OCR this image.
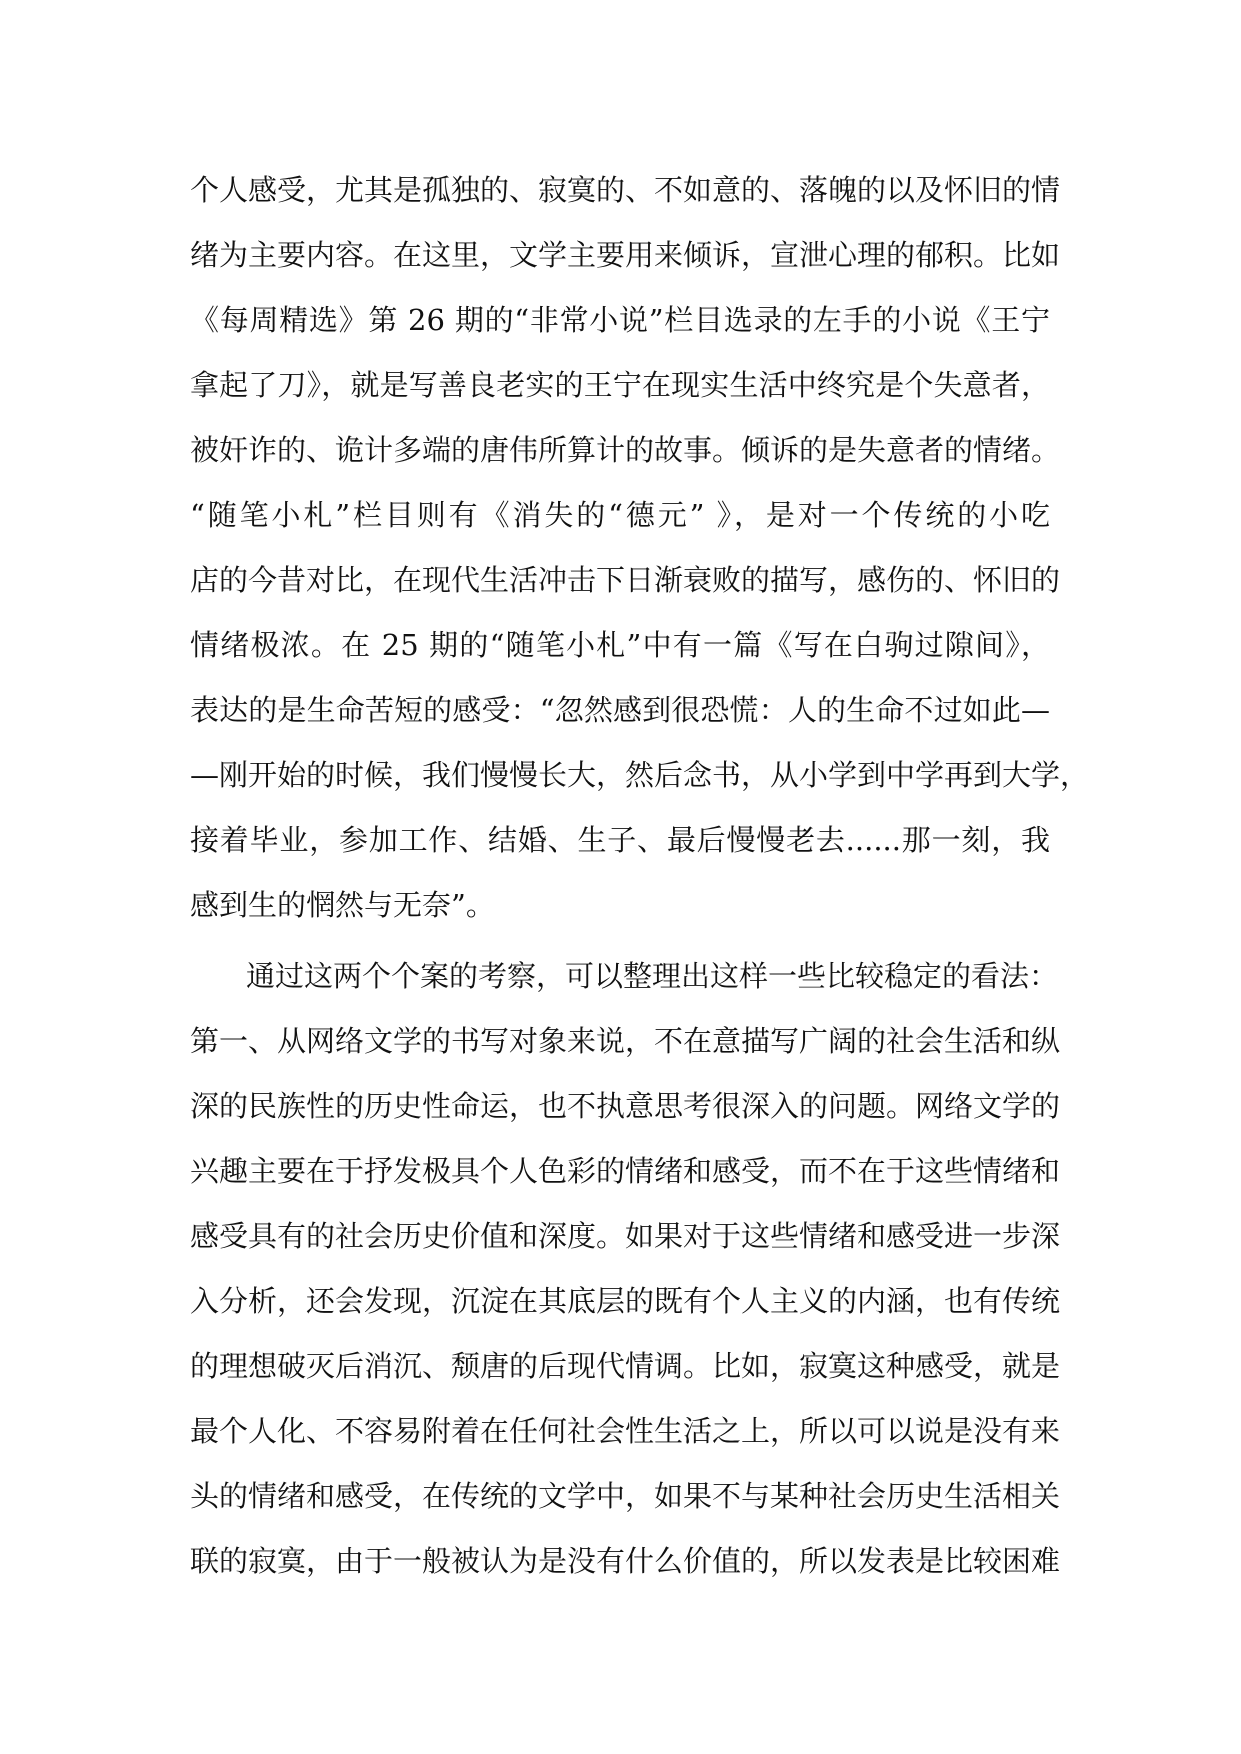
个人感受，尤其是孤独的、寂寞的、不如意的、落魄的以及怀旧的情
绪为主要内容。在这里，文学主要用来倾诉，宣泄心理的郁积。比如
《每周精选》第 26 期的“非常小说”栏目选录的左手的小说《王宁
拿起了刀》，就是写善良老实的王宁在现实生活中终究是个失意者，
被奸诈的、诡计多端的唐伟所算计的故事。倾诉的是失意者的情绪。
“随笔小札”栏目则有《消失的“德元” 》，是对一个传统的小吃
店的今昔对比，在现代生活冲击下日渐衰败的描写，感伤的、怀旧的
情绪极浓。在 25 期的“随笔小札”中有一篇《写在白驹过隙间》，
表达的是生命苦短的感受：“忽然感到很恐慌：人的生命不过如此—
—刚开始的时候，我们慢慢长大，然后念书，从小学到中学再到大学，
接着毕业，参加工作、结婚、生子、最后慢慢老去......那一刻，我
感到生的惘然与无奈”。
通过这两个个案的考察，可以整理出这样一些比较稳定的看法：
第一、从网络文学的书写对象来说，不在意描写广阔的社会生活和纵
深的民族性的历史性命运，也不执意思考很深入的问题。网络文学的
兴趣主要在于抒发极具个人色彩的情绪和感受，而不在于这些情绪和
感受具有的社会历史价值和深度。如果对于这些情绪和感受进一步深
入分析，还会发现，沉淀在其底层的既有个人主义的内涵，也有传统
的理想破灭后消沉、颓唐的后现代情调。比如，寂寞这种感受，就是
最个人化、不容易附着在任何社会性生活之上，所以可以说是没有来
头的情绪和感受，在传统的文学中，如果不与某种社会历史生活相关
联的寂寞，由于一般被认为是没有什么价值的，所以发表是比较困难
